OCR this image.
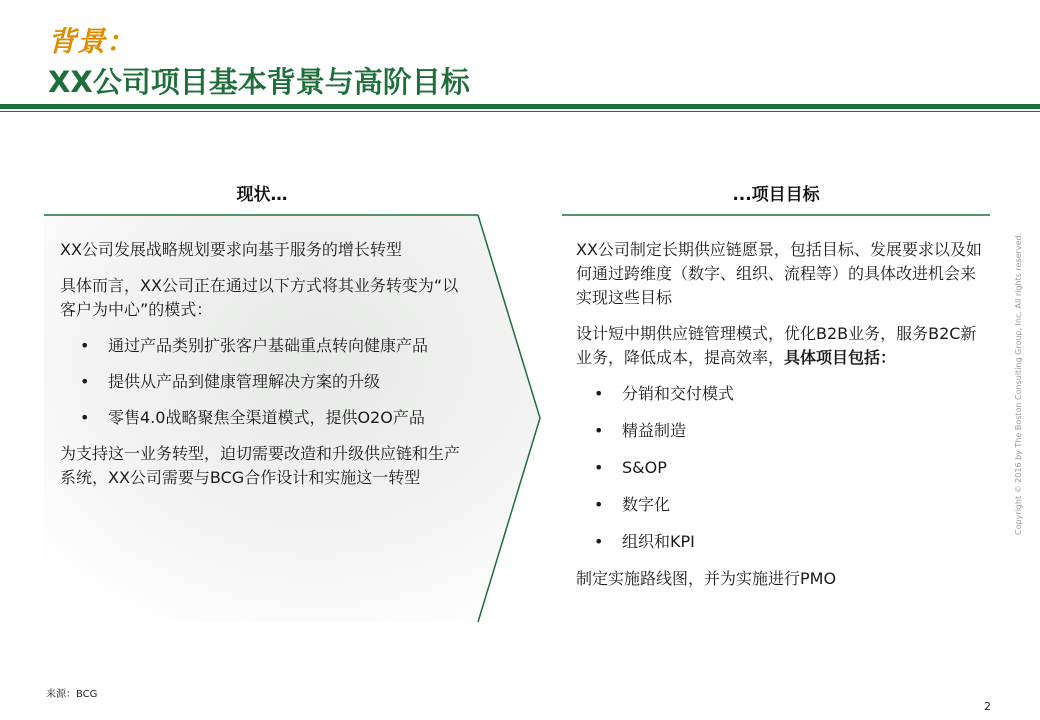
背景：
XX公司项目基本背景与高阶目标
现状…	...项目目标

XX公司发展战略规划要求向基于服务的增长转型

具体而言，XX公司正在通过以下方式将其业务转变为“以客户为中心”的模式：

• 通过产品类别扩张客户基础重点转向健康产品
• 提供从产品到健康管理解决方案的升级
• 零售4.0战略聚焦全渠道模式，提供O2O产品

为支持这一业务转型，迫切需要改造和升级供应链和生产系统，XX公司需要与BCG合作设计和实施这一转型

XX公司制定长期供应链愿景，包括目标、发展要求以及如何通过跨维度（数字、组织、流程等）的具体改进机会来实现这些目标

设计短中期供应链管理模式，优化B2B业务，服务B2C新业务，降低成本，提高效率，具体项目包括：

• 分销和交付模式
• 精益制造
• S&OP
• 数字化
• 组织和KPI

制定实施路线图，并为实施进行PMO

来源：BCG
2
Copyright © 2016 by The Boston Consulting Group, Inc. All rights reserved.
